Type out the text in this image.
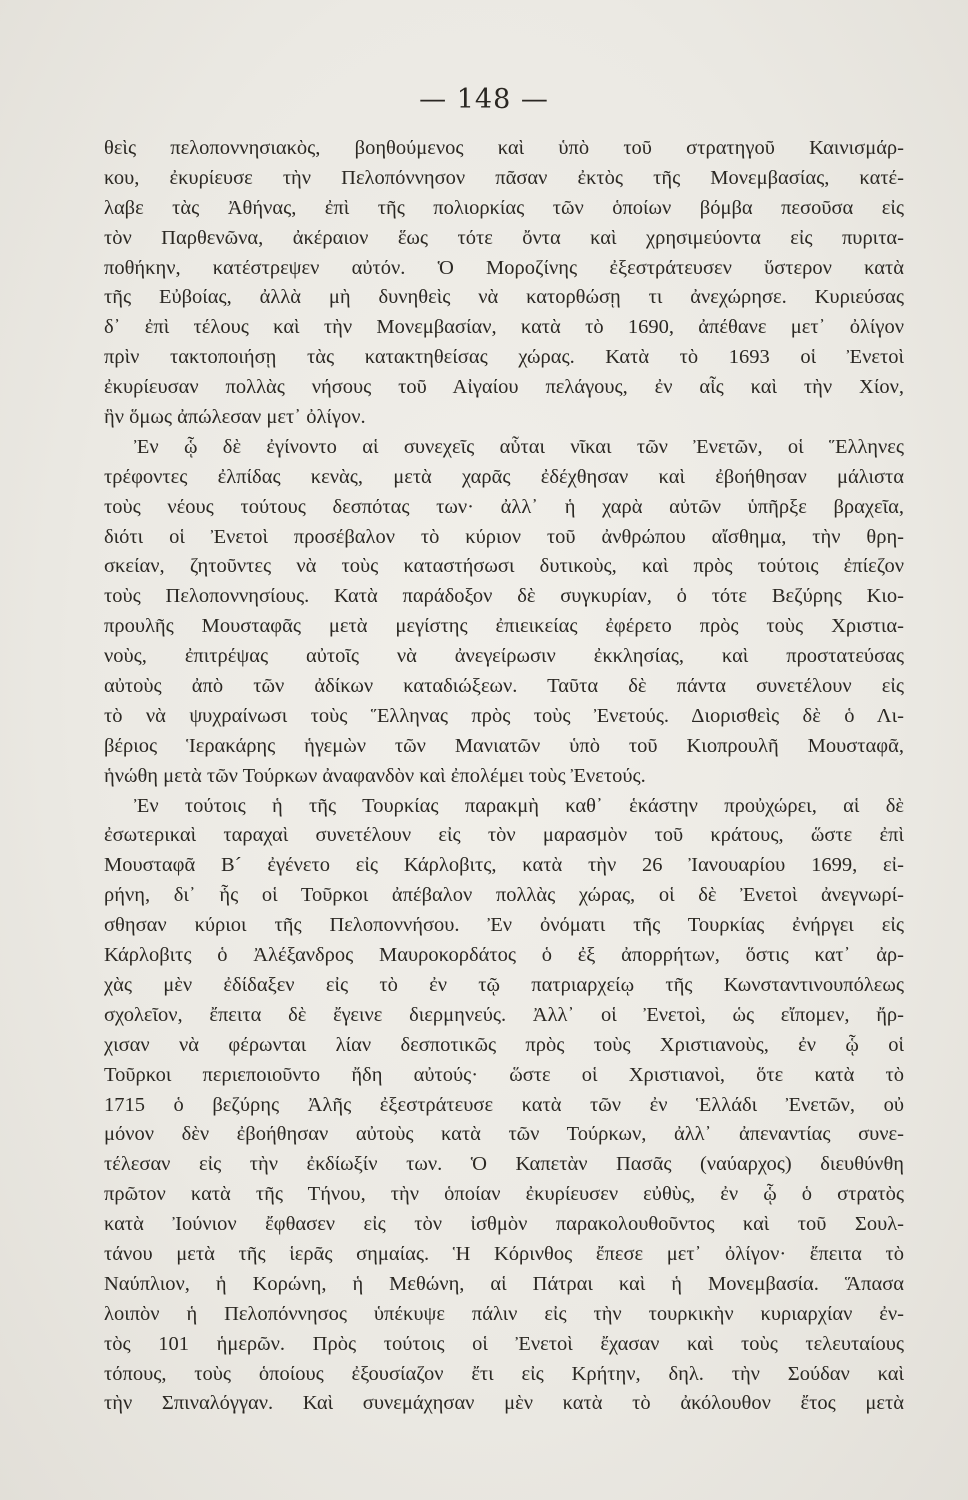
— 148 —
θεὶς πελοποννησιακὸς, βοηθούμενος καὶ ὑπὸ τοῦ στρατηγοῦ Καινισμάρ-
κου, ἐκυρίευσε τὴν Πελοπόννησον πᾶσαν ἐκτὸς τῆς Μονεμβασίας, κατέ-
λαβε τὰς Ἀθήνας, ἐπὶ τῆς πολιορκίας τῶν ὁποίων βόμβα πεσοῦσα εἰς
τὸν Παρθενῶνα, ἀκέραιον ἕως τότε ὄντα καὶ χρησιμεύοντα εἰς πυριτα-
ποθήκην, κατέστρεψεν αὐτόν. Ὁ Μοροζίνης ἐξεστράτευσεν ὕστερον κατὰ
τῆς Εὐβοίας, ἀλλὰ μὴ δυνηθεὶς νὰ κατορθώσῃ τι ἀνεχώρησε. Κυριεύσας
δ᾽ ἐπὶ τέλους καὶ τὴν Μονεμβασίαν, κατὰ τὸ 1690, ἀπέθανε μετ᾽ ὀλίγον
πρὶν τακτοποιήσῃ τὰς κατακτηθείσας χώρας. Κατὰ τὸ 1693 οἱ Ἐνετοὶ
ἐκυρίευσαν πολλὰς νήσους τοῦ Αἰγαίου πελάγους, ἐν αἷς καὶ τὴν Χίον,
ἣν ὅμως ἀπώλεσαν μετ᾽ ὀλίγον.
Ἐν ᾧ δὲ ἐγίνοντο αἱ συνεχεῖς αὗται νῖκαι τῶν Ἐνετῶν, οἱ Ἕλληνες
τρέφοντες ἐλπίδας κενὰς, μετὰ χαρᾶς ἐδέχθησαν καὶ ἐβοήθησαν μάλιστα
τοὺς νέους τούτους δεσπότας των· ἀλλ᾽ ἡ χαρὰ αὐτῶν ὑπῆρξε βραχεῖα,
διότι οἱ Ἐνετοὶ προσέβαλον τὸ κύριον τοῦ ἀνθρώπου αἴσθημα, τὴν θρη-
σκείαν, ζητοῦντες νὰ τοὺς καταστήσωσι δυτικοὺς, καὶ πρὸς τούτοις ἐπίεζον
τοὺς Πελοποννησίους. Κατὰ παράδοξον δὲ συγκυρίαν, ὁ τότε Βεζύρης Κιο-
προυλῆς Μουσταφᾶς μετὰ μεγίστης ἐπιεικείας ἐφέρετο πρὸς τοὺς Χριστια-
νοὺς, ἐπιτρέψας αὐτοῖς νὰ ἀνεγείρωσιν ἐκκλησίας, καὶ προστατεύσας
αὐτοὺς ἀπὸ τῶν ἀδίκων καταδιώξεων. Ταῦτα δὲ πάντα συνετέλουν εἰς
τὸ νὰ ψυχραίνωσι τοὺς Ἕλληνας πρὸς τοὺς Ἐνετούς. Διορισθεὶς δὲ ὁ Λι-
βέριος Ἱερακάρης ἡγεμὼν τῶν Μανιατῶν ὑπὸ τοῦ Κιοπρουλῆ Μουσταφᾶ,
ἡνώθη μετὰ τῶν Τούρκων ἀναφανδὸν καὶ ἐπολέμει τοὺς Ἐνετούς.
Ἐν τούτοις ἡ τῆς Τουρκίας παρακμὴ καθ᾽ ἑκάστην προὐχώρει, αἱ δὲ
ἐσωτερικαὶ ταραχαὶ συνετέλουν εἰς τὸν μαρασμὸν τοῦ κράτους, ὥστε ἐπὶ
Μουσταφᾶ Β´ ἐγένετο εἰς Κάρλοβιτς, κατὰ τὴν 26 Ἰανουαρίου 1699, εἰ-
ρήνη, δι᾽ ἧς οἱ Τοῦρκοι ἀπέβαλον πολλὰς χώρας, οἱ δὲ Ἐνετοὶ ἀνεγνωρί-
σθησαν κύριοι τῆς Πελοποννήσου. Ἐν ὀνόματι τῆς Τουρκίας ἐνήργει εἰς
Κάρλοβιτς ὁ Ἀλέξανδρος Μαυροκορδάτος ὁ ἐξ ἀπορρήτων, ὅστις κατ᾽ ἀρ-
χὰς μὲν ἐδίδαξεν εἰς τὸ ἐν τῷ πατριαρχείῳ τῆς Κωνσταντινουπόλεως
σχολεῖον, ἔπειτα δὲ ἔγεινε διερμηνεύς. Ἀλλ᾽ οἱ Ἐνετοὶ, ὡς εἴπομεν, ἤρ-
χισαν νὰ φέρωνται λίαν δεσποτικῶς πρὸς τοὺς Χριστιανοὺς, ἐν ᾧ οἱ
Τοῦρκοι περιεποιοῦντο ἤδη αὐτούς· ὥστε οἱ Χριστιανοὶ, ὅτε κατὰ τὸ
1715 ὁ βεζύρης Ἀλῆς ἐξεστράτευσε κατὰ τῶν ἐν Ἑλλάδι Ἐνετῶν, οὐ
μόνον δὲν ἐβοήθησαν αὐτοὺς κατὰ τῶν Τούρκων, ἀλλ᾽ ἀπεναντίας συνε-
τέλεσαν εἰς τὴν ἐκδίωξίν των. Ὁ Καπετὰν Πασᾶς (ναύαρχος) διευθύνθη
πρῶτον κατὰ τῆς Τήνου, τὴν ὁποίαν ἐκυρίευσεν εὐθὺς, ἐν ᾧ ὁ στρατὸς
κατὰ Ἰούνιον ἔφθασεν εἰς τὸν ἰσθμὸν παρακολουθοῦντος καὶ τοῦ Σουλ-
τάνου μετὰ τῆς ἱερᾶς σημαίας. Ἡ Κόρινθος ἔπεσε μετ᾽ ὀλίγον· ἔπειτα τὸ
Ναύπλιον, ἡ Κορώνη, ἡ Μεθώνη, αἱ Πάτραι καὶ ἡ Μονεμβασία. Ἅπασα
λοιπὸν ἡ Πελοπόννησος ὑπέκυψε πάλιν εἰς τὴν τουρκικὴν κυριαρχίαν ἐν-
τὸς 101 ἡμερῶν. Πρὸς τούτοις οἱ Ἐνετοὶ ἔχασαν καὶ τοὺς τελευταίους
τόπους, τοὺς ὁποίους ἐξουσίαζον ἔτι εἰς Κρήτην, δηλ. τὴν Σούδαν καὶ
τὴν Σπιναλόγγαν. Καὶ συνεμάχησαν μὲν κατὰ τὸ ἀκόλουθον ἔτος μετὰ
